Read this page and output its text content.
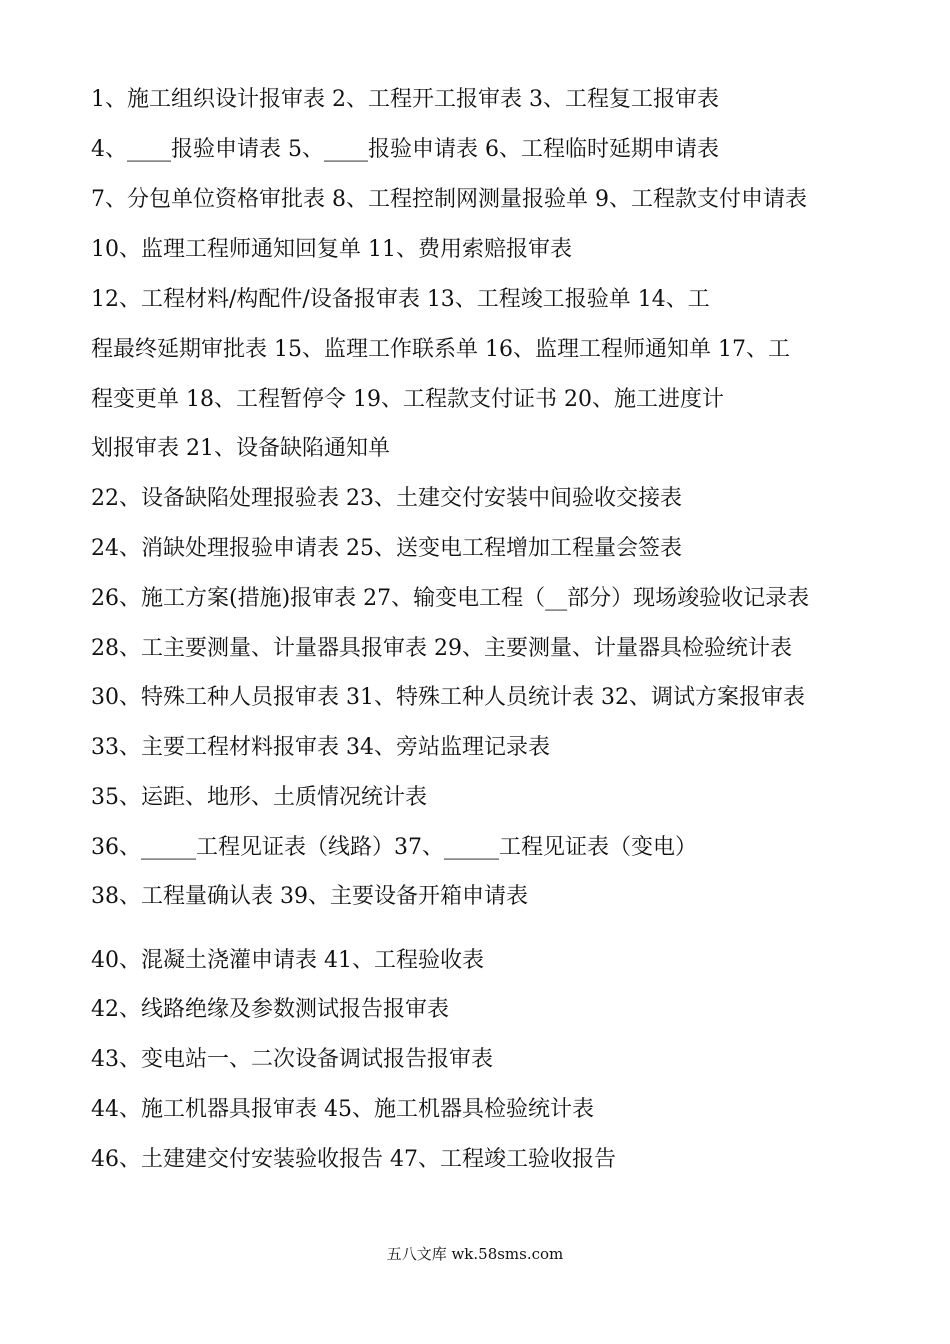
1、施工组织设计报审表 2、工程开工报审表 3、工程复工报审表
4、____报验申请表 5、____报验申请表 6、工程临时延期申请表
7、分包单位资格审批表 8、工程控制网测量报验单 9、工程款支付申请表
10、监理工程师通知回复单 11、费用索赔报审表
12、工程材料/构配件/设备报审表 13、工程竣工报验单 14、工
程最终延期审批表 15、监理工作联系单 16、监理工程师通知单 17、工
程变更单 18、工程暂停令 19、工程款支付证书 20、施工进度计
划报审表 21、设备缺陷通知单
22、设备缺陷处理报验表 23、土建交付安装中间验收交接表
24、消缺处理报验申请表 25、送变电工程增加工程量会签表
26、施工方案(措施)报审表 27、输变电工程（__部分）现场竣验收记录表
28、工主要测量、计量器具报审表 29、主要测量、计量器具检验统计表
30、特殊工种人员报审表 31、特殊工种人员统计表 32、调试方案报审表
33、主要工程材料报审表 34、旁站监理记录表
35、运距、地形、土质情况统计表
36、_____工程见证表（线路）37、_____工程见证表（变电）
38、工程量确认表 39、主要设备开箱申请表
40、混凝土浇灌申请表 41、工程验收表
42、线路绝缘及参数测试报告报审表
43、变电站一、二次设备调试报告报审表
44、施工机器具报审表 45、施工机器具检验统计表
46、土建建交付安装验收报告 47、工程竣工验收报告
五八文库 wk.58sms.com
